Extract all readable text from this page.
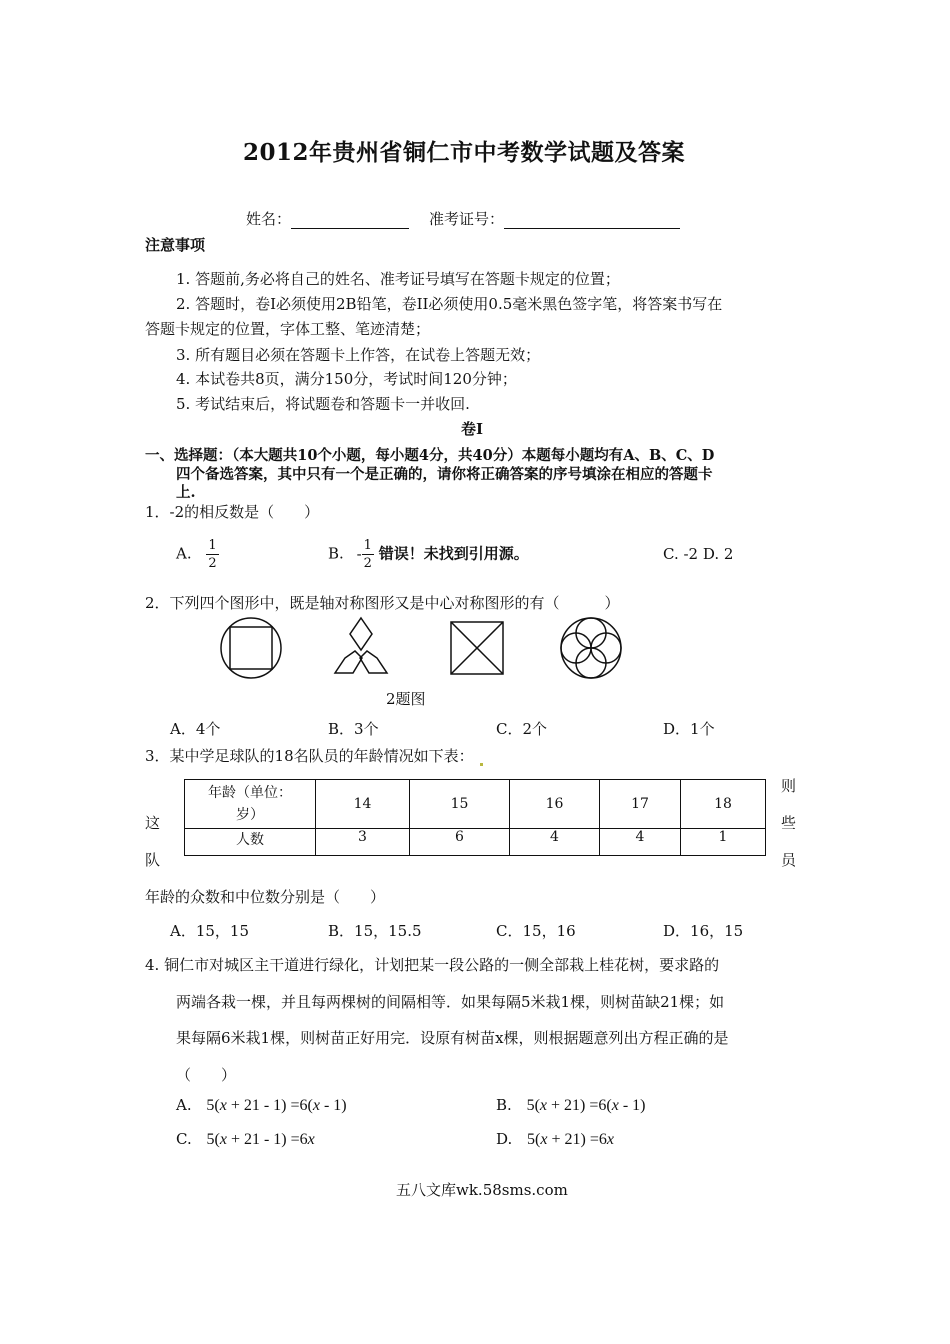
2012年贵州省铜仁市中考数学试题及答案
姓名：	准考证号：
注意事项
1. 答题前,务必将自己的姓名、准考证号填写在答题卡规定的位置；
2. 答题时，卷I必须使用2B铅笔，卷II必须使用0.5毫米黑色签字笔，将答案书写在
答题卡规定的位置，字体工整、笔迹清楚；
3. 所有题目必须在答题卡上作答，在试卷上答题无效；
4. 本试卷共8页，满分150分，考试时间120分钟；
5. 考试结束后，将试题卷和答题卡一并收回.
卷I
一、选择题：（本大题共10个小题，每小题4分，共40分）本题每小题均有A、B、C、D
四个备选答案，其中只有一个是正确的，请你将正确答案的序号填涂在相应的答题卡
上.
1．-2的相反数是（　　）
A. $\frac{1}{2}$	B. - $\frac{1}{2}$ 错误！未找到引用源。	C. -2 D. 2
2．下列四个图形中，既是轴对称图形又是中心对称图形的有（　　　）
2题图
A．4个	B．3个	C．2个	D．1个
3．某中学足球队的18名队员的年龄情况如下表：
年龄（单位：
岁）	14	15	16	17	18
人数	3	6	4	4	1
这
队
则
些
员
年龄的众数和中位数分别是（　　）
A．15，15	B．15，15.5	C．15，16	D．16，15
4. 铜仁市对城区主干道进行绿化，计划把某一段公路的一侧全部栽上桂花树，要求路的
两端各栽一棵，并且每两棵树的间隔相等．如果每隔5米栽1棵，则树苗缺21棵；如
果每隔6米栽1棵，则树苗正好用完．设原有树苗x棵，则根据题意列出方程正确的是
（　　）
A. 5(x + 21 - 1) =6(x - 1)	B. 5(x + 21) =6(x - 1)
C. 5(x + 21 - 1) =6x	D. 5(x + 21) =6x
五八文库wk.58sms.com
